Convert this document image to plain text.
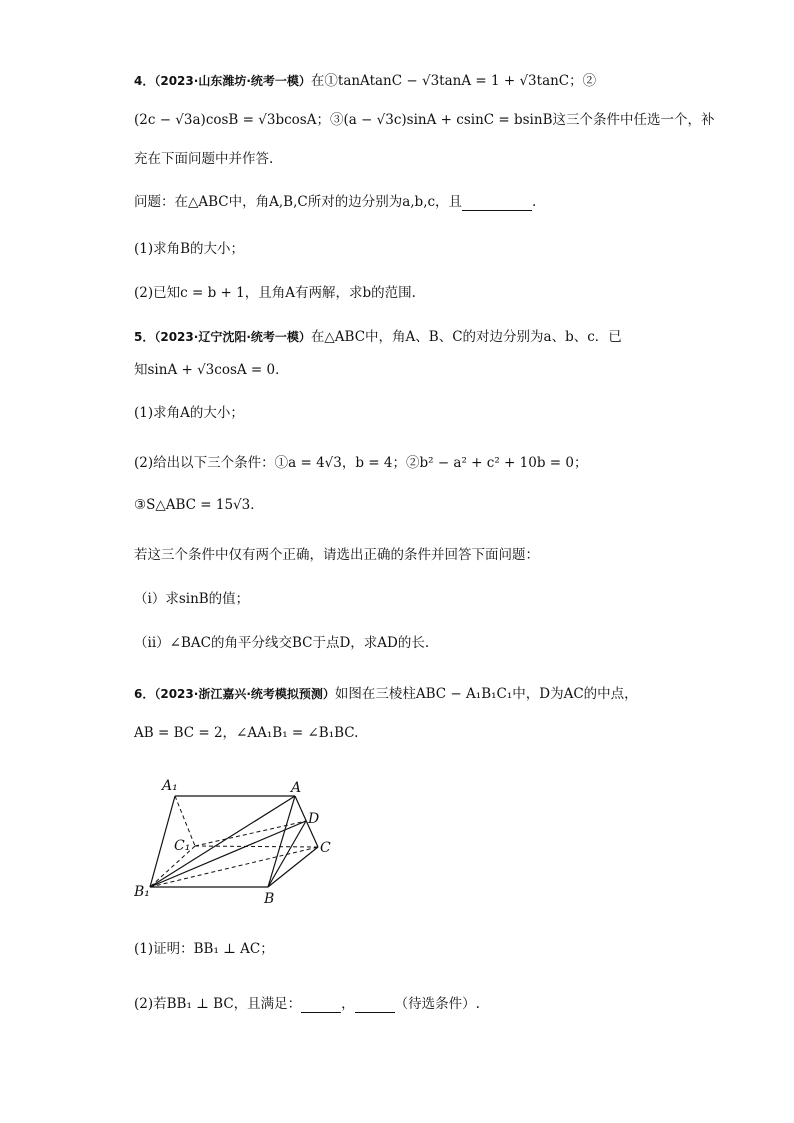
4．（2023·山东潍坊·统考一模）在①tanAtanC − √3tanA = 1 + √3tanC；②
(2c − √3a)cosB = √3bcosA；③(a − √3c)sinA + csinC = bsinB这三个条件中任选一个，补
充在下面问题中并作答.
问题：在△ABC中，角A,B,C所对的边分别为a,b,c，且	.
(1)求角B的大小；
(2)已知c = b + 1，且角A有两解，求b的范围.
5．（2023·辽宁沈阳·统考一模）在△ABC中，角A、B、C的对边分别为a、b、c．已
知sinA + √3cosA = 0．
(1)求角A的大小；
(2)给出以下三个条件：①a = 4√3，b = 4；②b² − a² + c² + 10b = 0；
③S△ABC = 15√3．
若这三个条件中仅有两个正确，请选出正确的条件并回答下面问题：
（i）求sinB的值；
（ii）∠BAC的角平分线交BC于点D，求AD的长.
6．（2023·浙江嘉兴·统考模拟预测）如图在三棱柱ABC − A₁B₁C₁中，D为AC的中点，
AB = BC = 2，∠AA₁B₁ = ∠B₁BC.
A₁	A
D
C₁	C
B₁	B
(1)证明：BB₁ ⊥ AC；
(2)若BB₁ ⊥ BC，且满足：	，	（待选条件）.
